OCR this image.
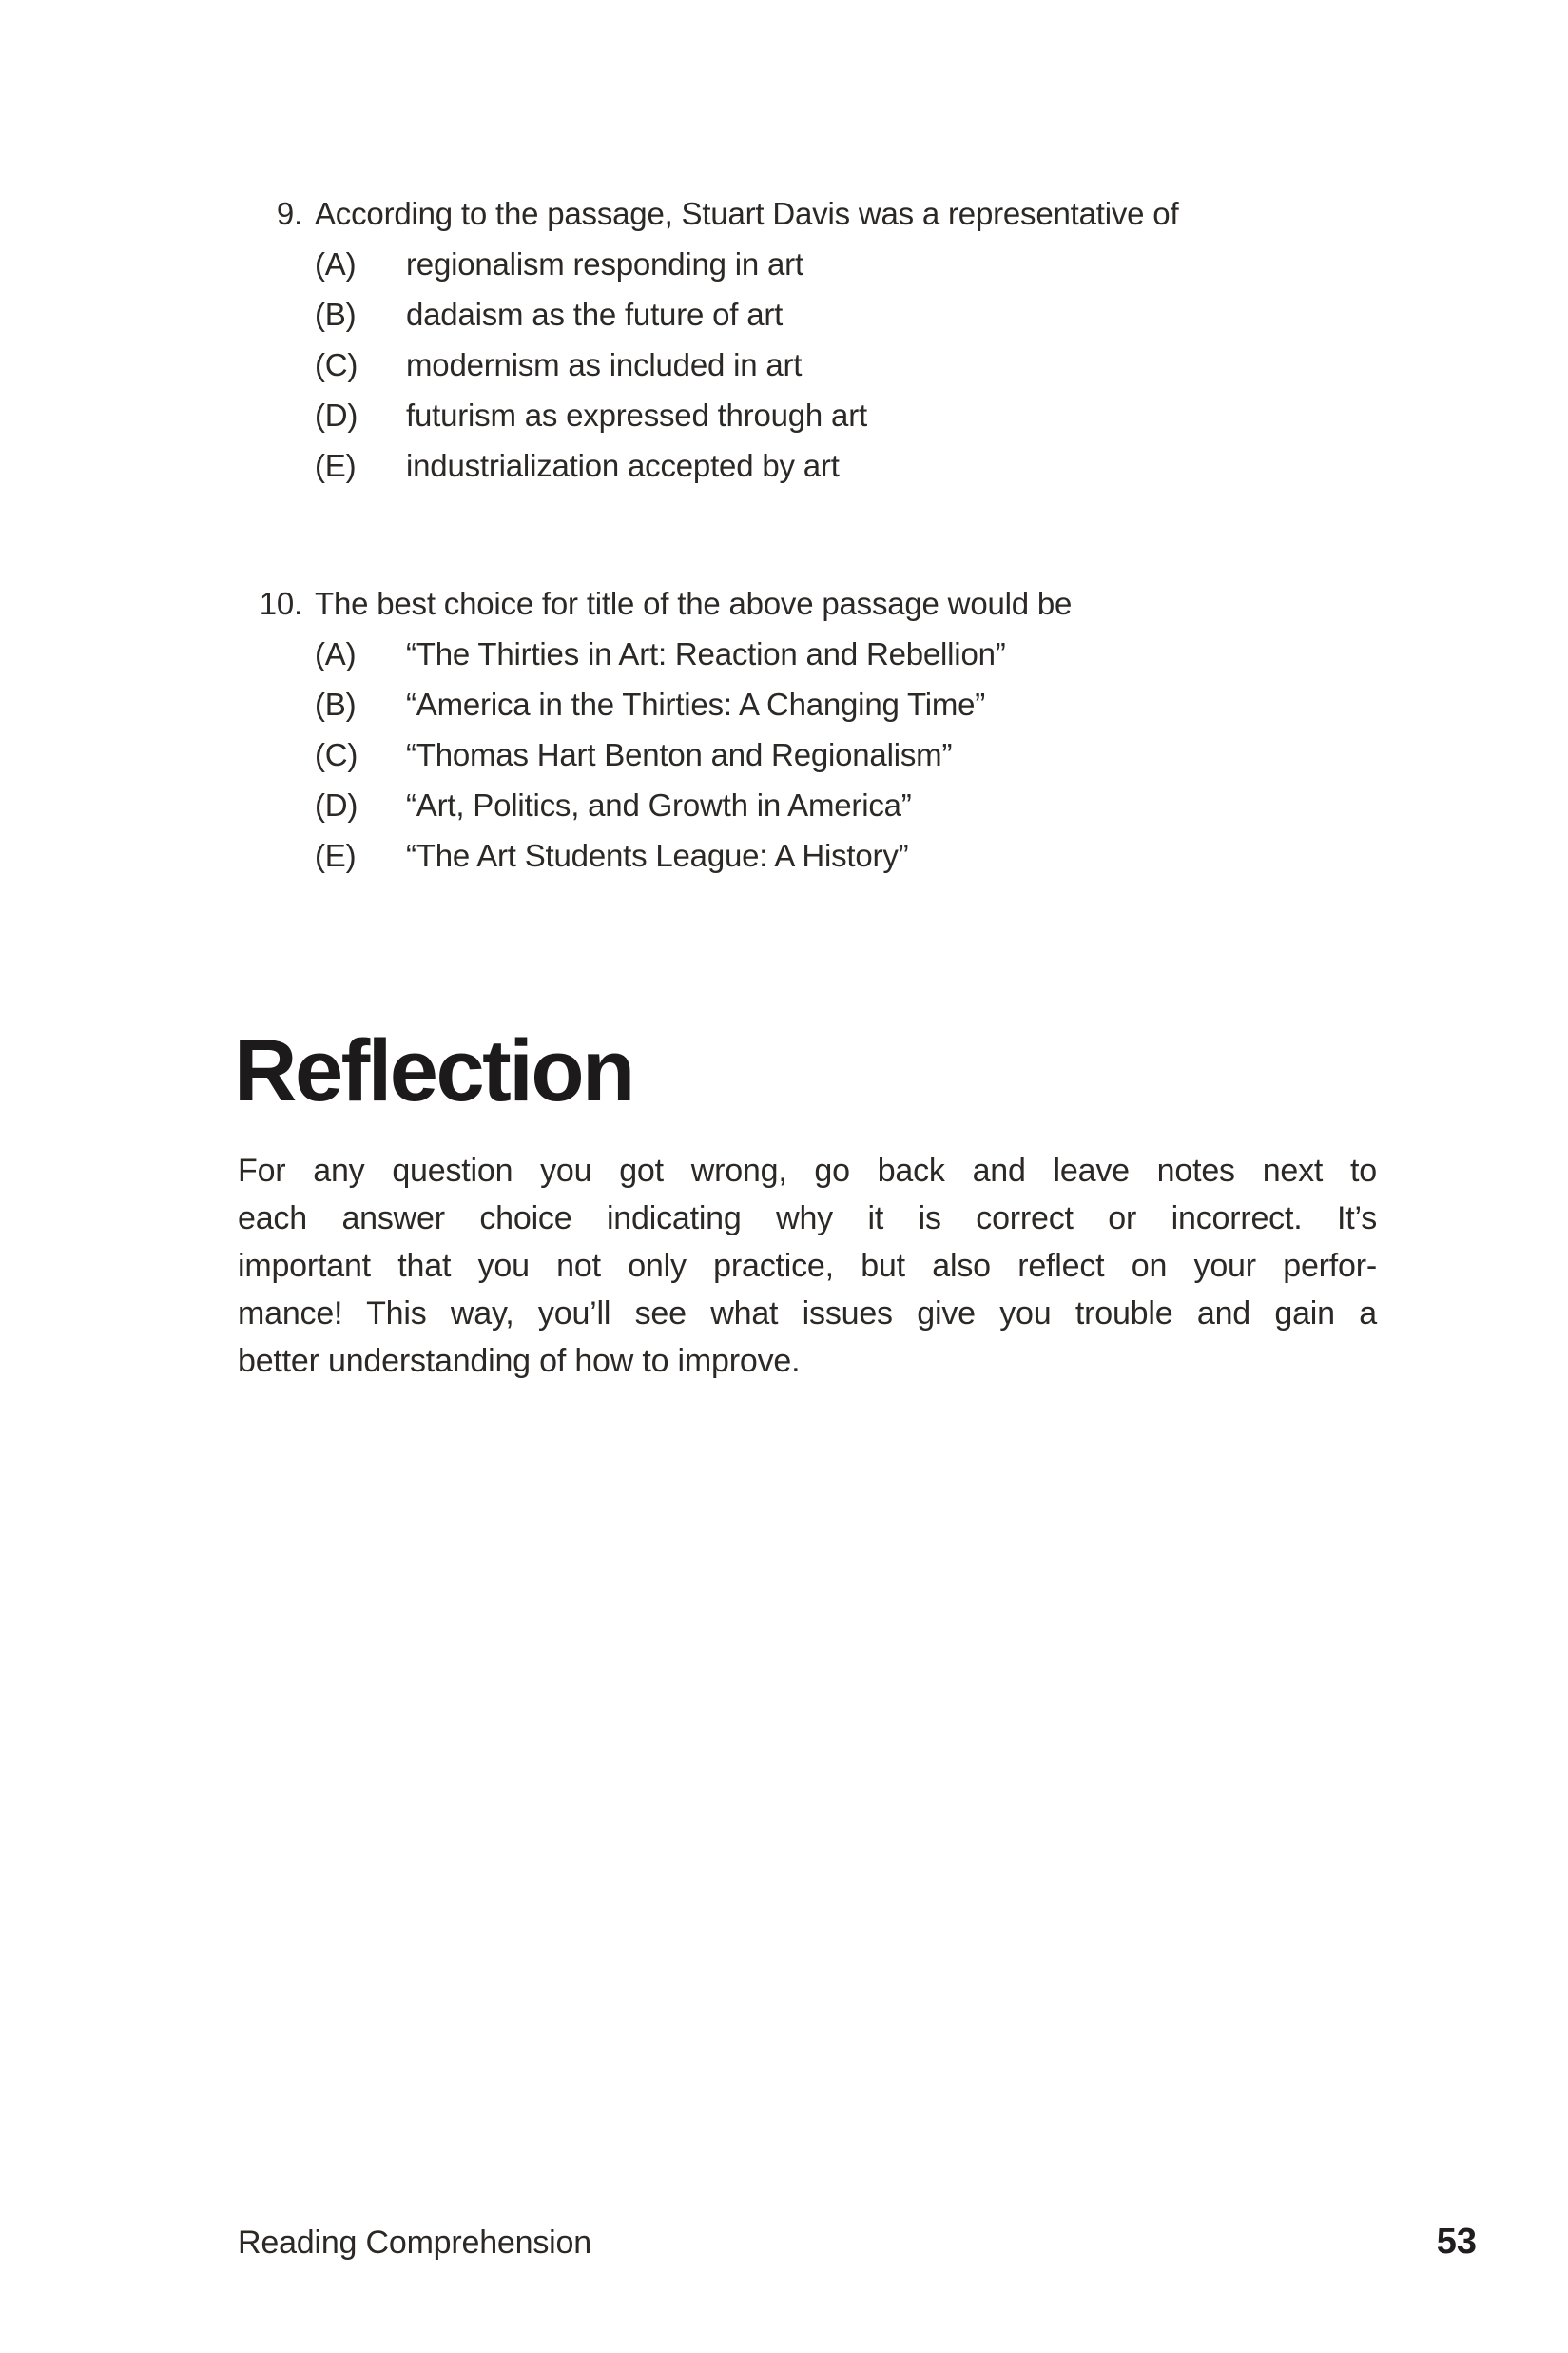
9. According to the passage, Stuart Davis was a representative of
(A)	regionalism responding in art
(B)	dadaism as the future of art
(C)	modernism as included in art
(D)	futurism as expressed through art
(E)	industrialization accepted by art
10. The best choice for title of the above passage would be
(A)	“The Thirties in Art: Reaction and Rebellion”
(B)	“America in the Thirties: A Changing Time”
(C)	“Thomas Hart Benton and Regionalism”
(D)	“Art, Politics, and Growth in America”
(E)	“The Art Students League: A History”
Reflection
For any question you got wrong, go back and leave notes next to
each answer choice indicating why it is correct or incorrect. It’s
important that you not only practice, but also reflect on your perfor-
mance! This way, you’ll see what issues give you trouble and gain a
better understanding of how to improve.
Reading Comprehension	53
